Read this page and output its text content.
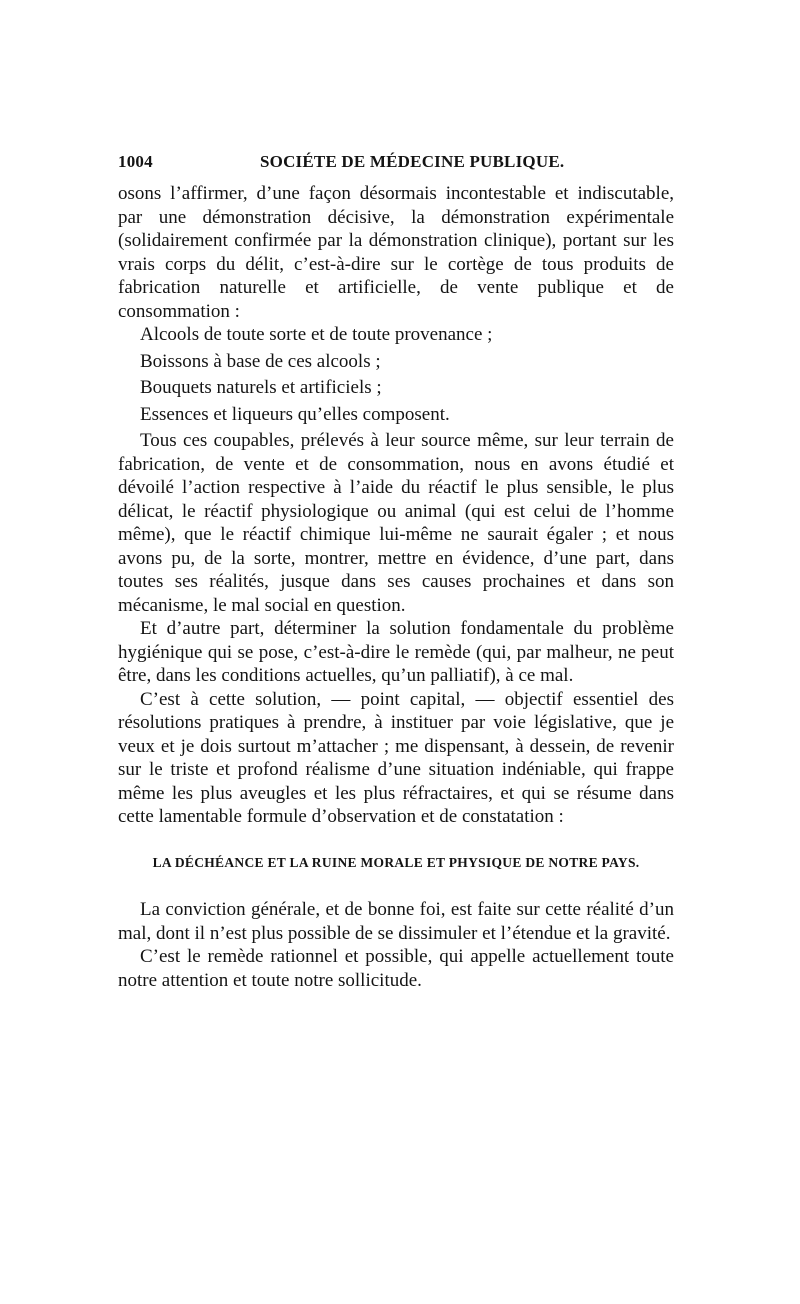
1004	SOCIÉTE DE MÉDECINE PUBLIQUE.

osons l’affirmer, d’une façon désormais incontestable et indiscutable, par une démonstration décisive, la démonstration expérimentale (solidairement confirmée par la démonstration clinique), portant sur les vrais corps du délit, c’est-à-dire sur le cortège de tous produits de fabrication naturelle et artificielle, de vente publique et de consommation :

Alcools de toute sorte et de toute provenance ;

Boissons à base de ces alcools ;

Bouquets naturels et artificiels ;

Essences et liqueurs qu’elles composent.

Tous ces coupables, prélevés à leur source même, sur leur terrain de fabrication, de vente et de consommation, nous en avons étudié et dévoilé l’action respective à l’aide du réactif le plus sensible, le plus délicat, le réactif physiologique ou animal (qui est celui de l’homme même), que le réactif chimique lui-même ne saurait égaler ; et nous avons pu, de la sorte, montrer, mettre en évidence, d’une part, dans toutes ses réalités, jusque dans ses causes prochaines et dans son mécanisme, le mal social en question.

Et d’autre part, déterminer la solution fondamentale du problème hygiénique qui se pose, c’est-à-dire le remède (qui, par malheur, ne peut être, dans les conditions actuelles, qu’un palliatif), à ce mal.

C’est à cette solution, — point capital, — objectif essentiel des résolutions pratiques à prendre, à instituer par voie législative, que je veux et je dois surtout m’attacher ; me dispensant, à dessein, de revenir sur le triste et profond réalisme d’une situation indéniable, qui frappe même les plus aveugles et les plus réfractaires, et qui se résume dans cette lamentable formule d’observation et de constatation :

LA DÉCHÉANCE ET LA RUINE MORALE ET PHYSIQUE DE NOTRE PAYS.

La conviction générale, et de bonne foi, est faite sur cette réalité d’un mal, dont il n’est plus possible de se dissimuler et l’étendue et la gravité.

C’est le remède rationnel et possible, qui appelle actuellement toute notre attention et toute notre sollicitude.
